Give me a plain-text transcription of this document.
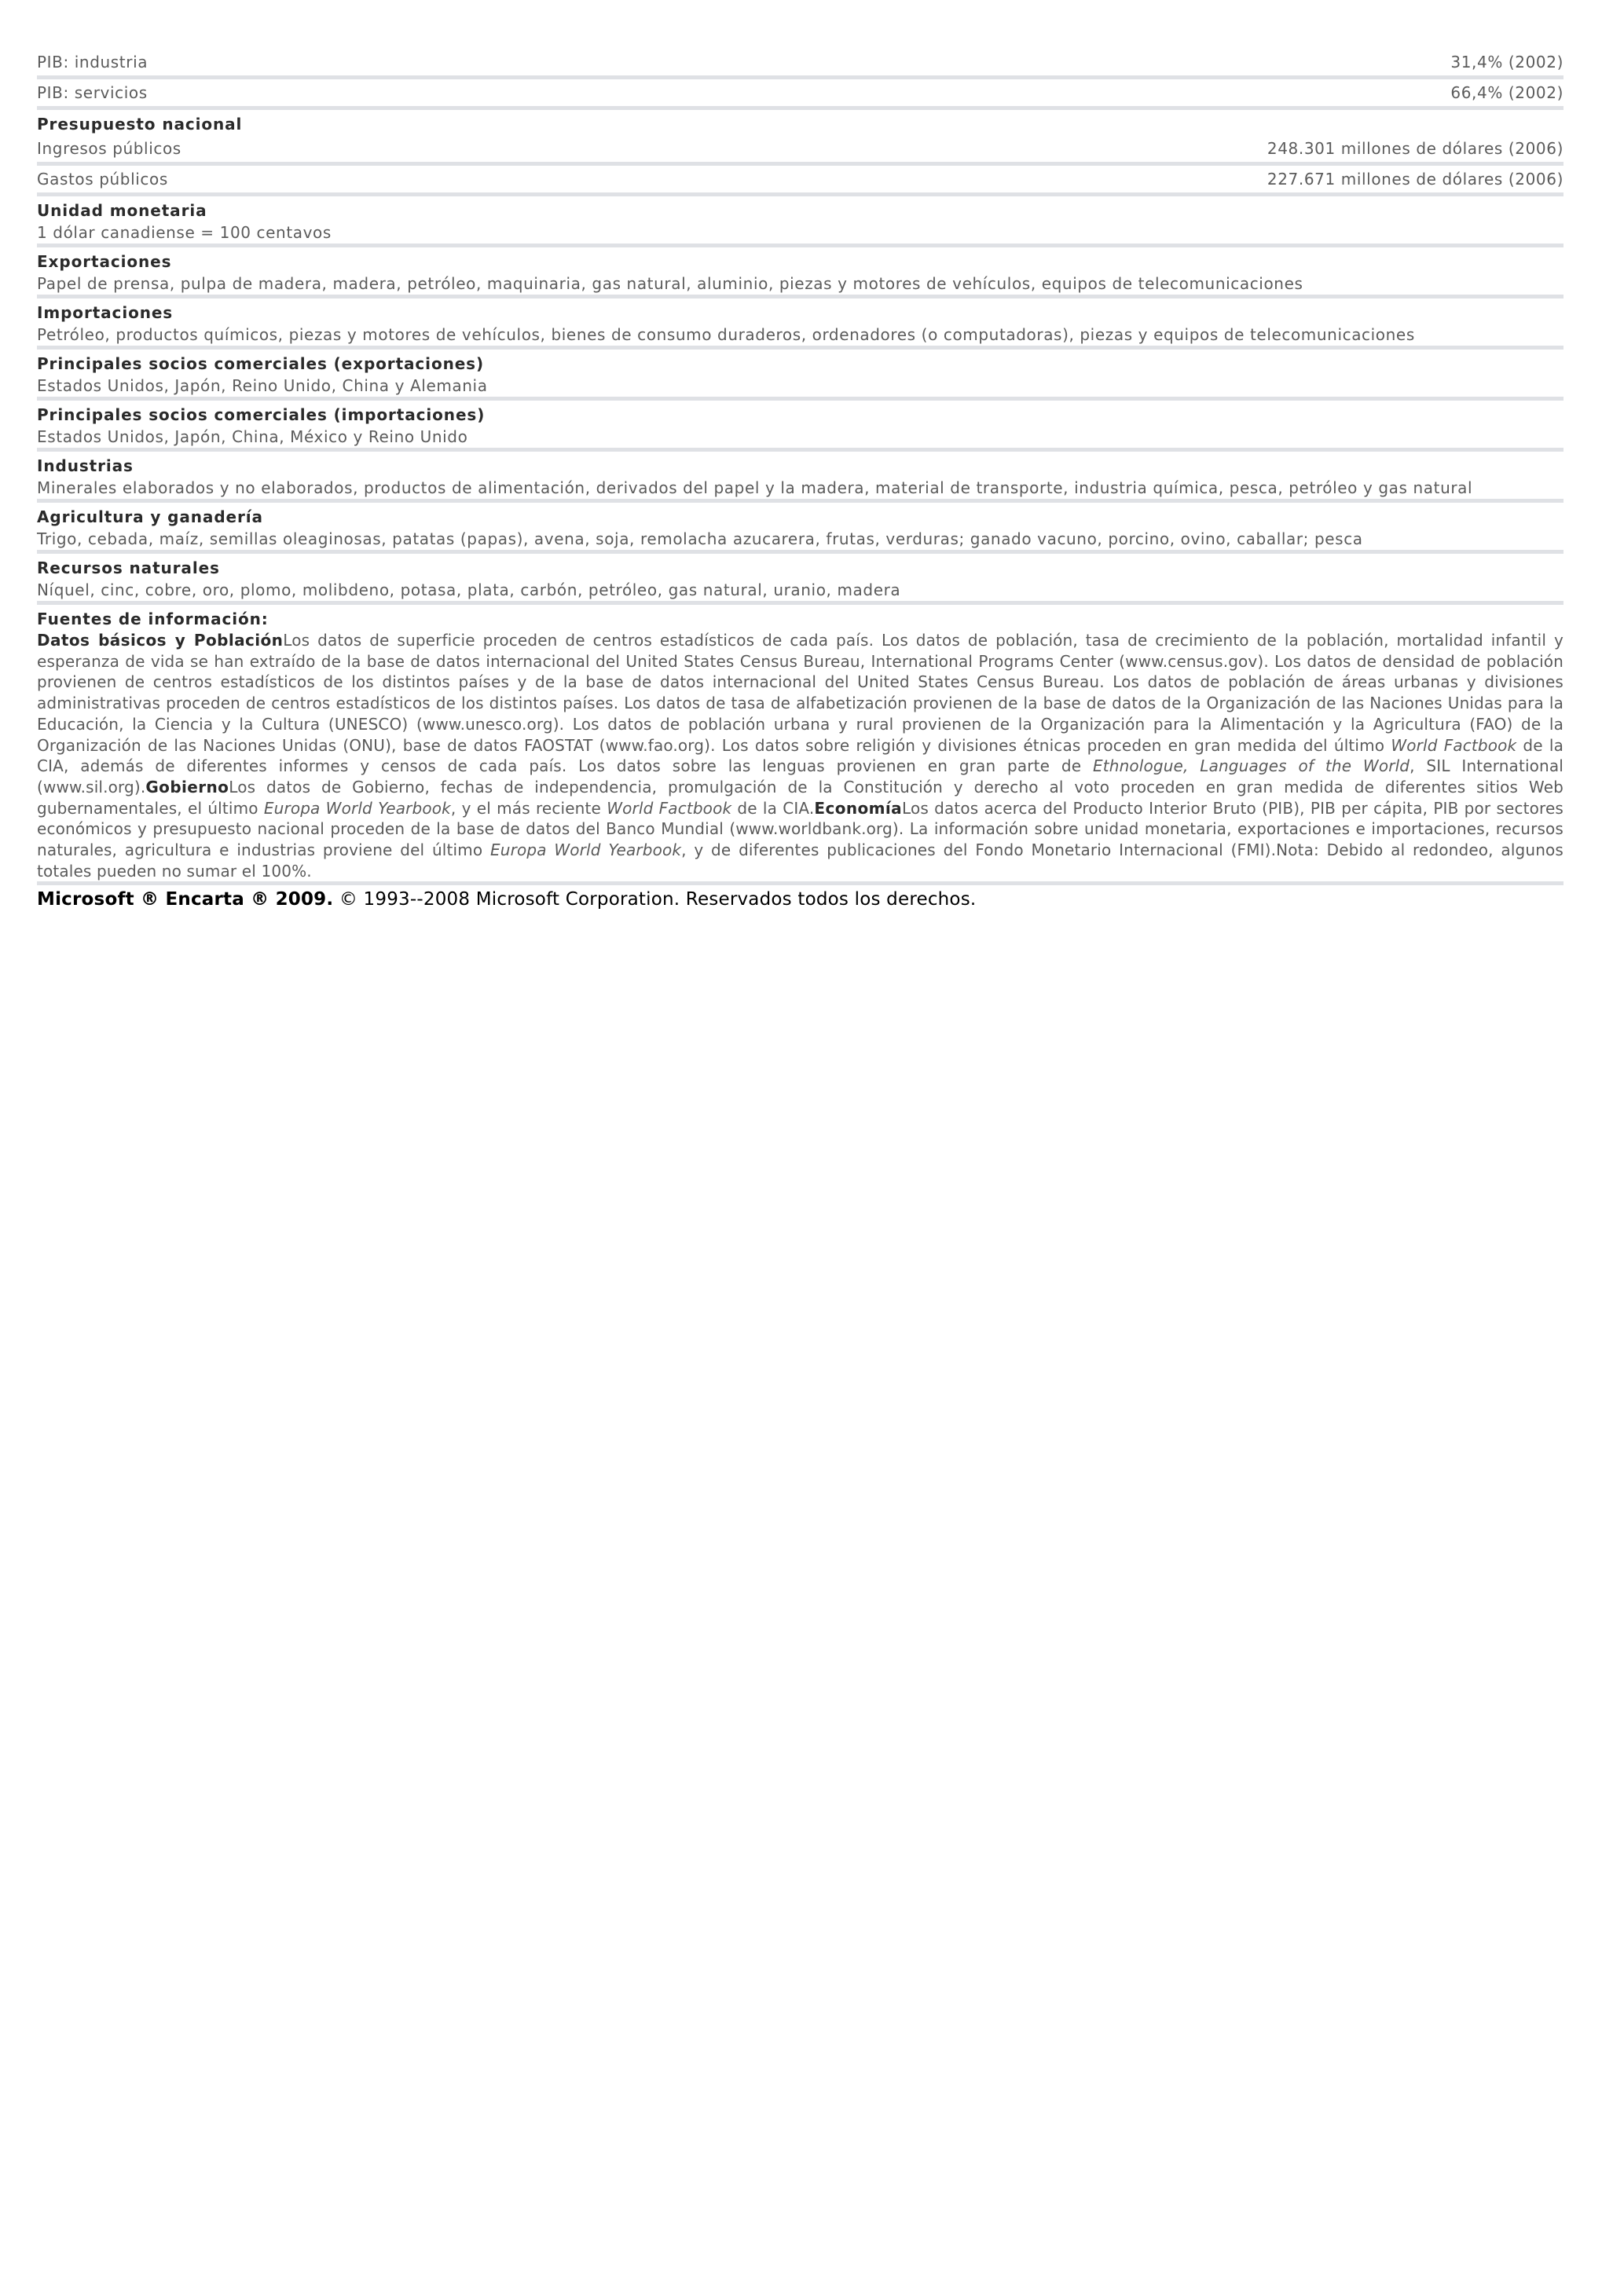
PIB: industria	31,4% (2002)
PIB: servicios	66,4% (2002)
Presupuesto nacional
Ingresos públicos	248.301 millones de dólares (2006)
Gastos públicos	227.671 millones de dólares (2006)
Unidad monetaria
1 dólar canadiense = 100 centavos
Exportaciones
Papel de prensa, pulpa de madera, madera, petróleo, maquinaria, gas natural, aluminio, piezas y motores de vehículos, equipos de telecomunicaciones
Importaciones
Petróleo, productos químicos, piezas y motores de vehículos, bienes de consumo duraderos, ordenadores (o computadoras), piezas y equipos de telecomunicaciones
Principales socios comerciales (exportaciones)
Estados Unidos, Japón, Reino Unido, China y Alemania
Principales socios comerciales (importaciones)
Estados Unidos, Japón, China, México y Reino Unido
Industrias
Minerales elaborados y no elaborados, productos de alimentación, derivados del papel y la madera, material de transporte, industria química, pesca, petróleo y gas natural
Agricultura y ganadería
Trigo, cebada, maíz, semillas oleaginosas, patatas (papas), avena, soja, remolacha azucarera, frutas, verduras; ganado vacuno, porcino, ovino, caballar; pesca
Recursos naturales
Níquel, cinc, cobre, oro, plomo, molibdeno, potasa, plata, carbón, petróleo, gas natural, uranio, madera
Fuentes de información:
Datos básicos y PoblaciónLos datos de superficie proceden de centros estadísticos de cada país. Los datos de población, tasa de crecimiento de la población, mortalidad infantil y esperanza de vida se han extraído de la base de datos internacional del United States Census Bureau, International Programs Center (www.census.gov). Los datos de densidad de población provienen de centros estadísticos de los distintos países y de la base de datos internacional del United States Census Bureau. Los datos de población de áreas urbanas y divisiones administrativas proceden de centros estadísticos de los distintos países. Los datos de tasa de alfabetización provienen de la base de datos de la Organización de las Naciones Unidas para la Educación, la Ciencia y la Cultura (UNESCO) (www.unesco.org). Los datos de población urbana y rural provienen de la Organización para la Alimentación y la Agricultura (FAO) de la Organización de las Naciones Unidas (ONU), base de datos FAOSTAT (www.fao.org). Los datos sobre religión y divisiones étnicas proceden en gran medida del último World Factbook de la CIA, además de diferentes informes y censos de cada país. Los datos sobre las lenguas provienen en gran parte de Ethnologue, Languages of the World, SIL International (www.sil.org).GobiernoLos datos de Gobierno, fechas de independencia, promulgación de la Constitución y derecho al voto proceden en gran medida de diferentes sitios Web gubernamentales, el último Europa World Yearbook, y el más reciente World Factbook de la CIA.EconomíaLos datos acerca del Producto Interior Bruto (PIB), PIB per cápita, PIB por sectores económicos y presupuesto nacional proceden de la base de datos del Banco Mundial (www.worldbank.org). La información sobre unidad monetaria, exportaciones e importaciones, recursos naturales, agricultura e industrias proviene del último Europa World Yearbook, y de diferentes publicaciones del Fondo Monetario Internacional (FMI).Nota: Debido al redondeo, algunos totales pueden no sumar el 100%.
Microsoft ® Encarta ® 2009. © 1993--2008 Microsoft Corporation. Reservados todos los derechos.
